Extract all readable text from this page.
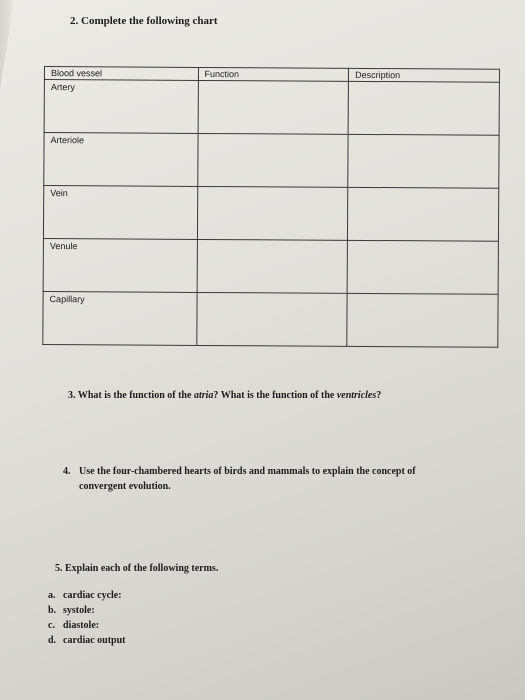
2. Complete the following chart
Blood vessel	Function	Description
Artery		
Arteriole		
Vein		
Venule		
Capillary		
3. What is the function of the atria? What is the function of the ventricles?
4. Use the four-chambered hearts of birds and mammals to explain the concept of
convergent evolution.
5. Explain each of the following terms.
a. cardiac cycle:
b. systole:
c. diastole:
d. cardiac output
